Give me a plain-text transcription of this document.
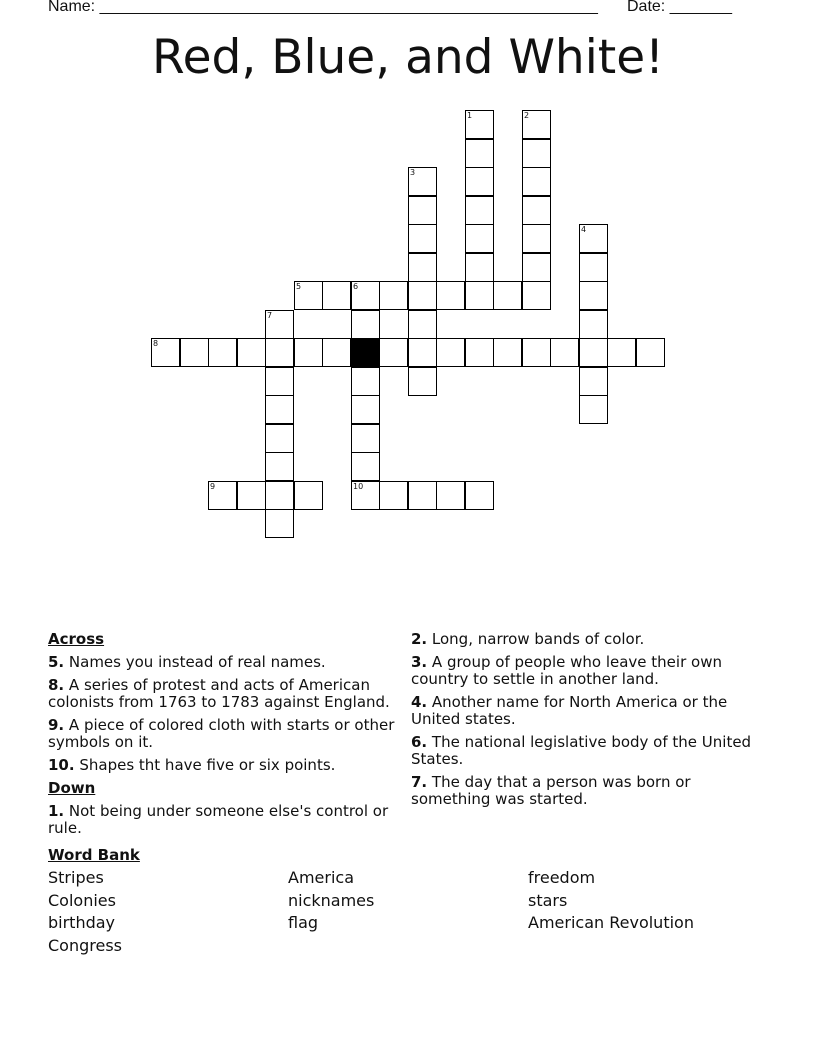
Name: ________________________________________________________ Date: _______
Red, Blue, and White!
5	6
8
9	10
1	2
3
4
7
Across
5. Names you instead of real names.
8. A series of protest and acts of American colonists from 1763 to 1783 against England.
9. A piece of colored cloth with starts or other symbols on it.
10. Shapes tht have five or six points.
Down
1. Not being under someone else's control or rule.
2. Long, narrow bands of color.
3. A group of people who leave their own country to settle in another land.
4. Another name for North America or the United states.
6. The national legislative body of the United States.
7. The day that a person was born or something was started.
Word Bank
Stripes
Colonies
birthday
Congress
America
nicknames
flag
freedom
stars
American Revolution
